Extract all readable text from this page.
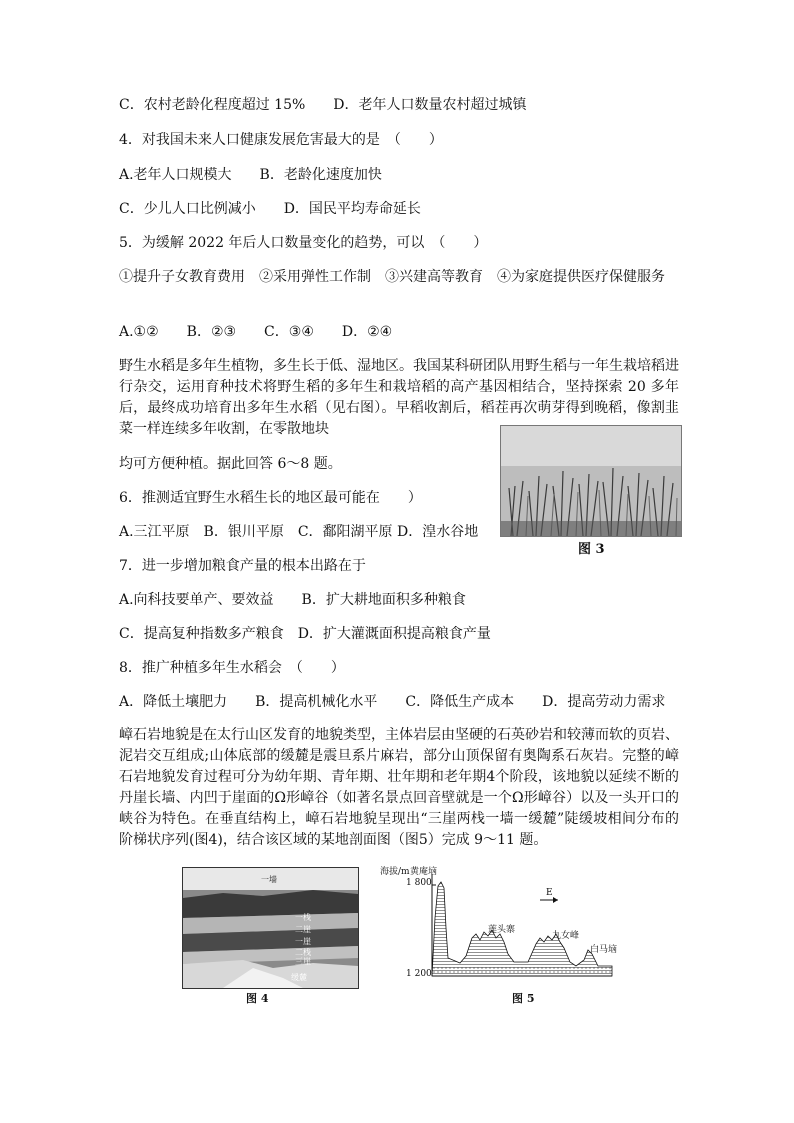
C．农村老龄化程度超过 15%　　D．老年人口数量农村超过城镇
4．对我国未来人口健康发展危害最大的是　（　　）
A.老年人口规模大　　B．老龄化速度加快
C．少儿人口比例减小　　D．国民平均寿命延长
5．为缓解 2022 年后人口数量变化的趋势，可以　（　　）
①提升子女教育费用　②采用弹性工作制　③兴建高等教育　④为家庭提供医疗保健服务
A.①②　　B．②③　　C．③④　　D．②④
野生水稻是多年生植物，多生长于低、湿地区。我国某科研团队用野生稻与一年生栽培稻进行杂交，运用育种技术将野生稻的多年生和栽培稻的高产基因相结合，坚持探索 20 多年后，最终成功培育出多年生水稻（见右图）。早稻收割后，稻茬再次萌芽得到晚稻，像割韭菜一样连续多年收割，在零散地块
均可方便种植。据此回答 6～8 题。
图 3
6．推测适宜野生水稻生长的地区最可能在　　）
A.三江平原　B．银川平原　C．鄱阳湖平原 D．湟水谷地
7．进一步增加粮食产量的根本出路在于
A.向科技要单产、要效益　　B．扩大耕地面积多种粮食
C．提高复种指数多产粮食　D．扩大灌溉面积提高粮食产量
8．推广种植多年生水稻会　（　　）
A．降低土壤肥力　　B．提高机械化水平　　C．降低生产成本　　D．提高劳动力需求
嶂石岩地貌是在太行山区发育的地貌类型，主体岩层由坚硬的石英砂岩和较薄而软的页岩、泥岩交互组成;山体底部的缓麓是震旦系片麻岩，部分山顶保留有奥陶系石灰岩。完整的嶂石岩地貌发育过程可分为幼年期、青年期、壮年期和老年期4个阶段，该地貌以延续不断的丹崖长墙、内凹于崖面的Ω形嶂谷（如著名景点回音壁就是一个Ω形嶂谷）以及一头开口的峡谷为特色。在垂直结构上，嶂石岩地貌呈现出“三崖两栈一墙一缓麓”陡缓坡相间分布的阶梯状序列(图4)，结合该区域的某地剖面图（图5）完成 9～11 题。
一墙
一栈
二崖
一崖
二栈
三崖
缓麓
图 4
海拔/m 黄庵垴
1 800
1 200
E
莲头寨
九女峰
白马垴
图 5
